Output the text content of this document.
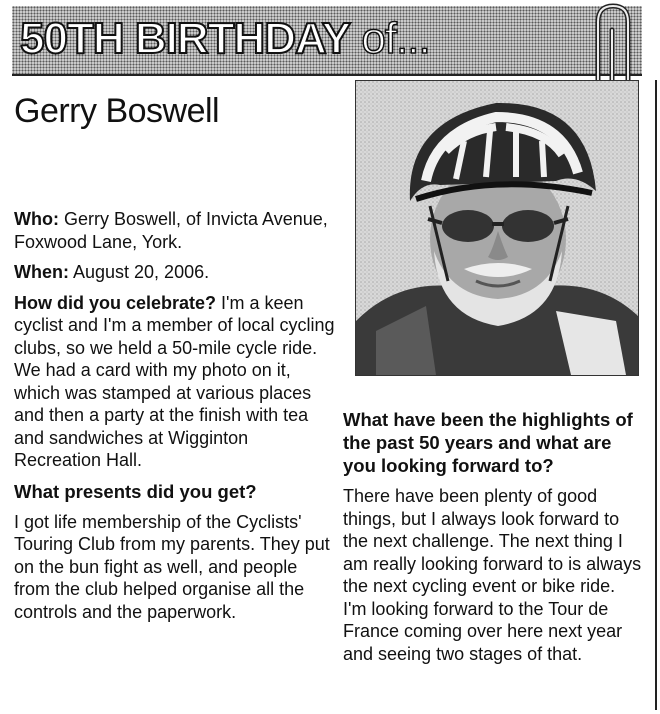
50TH BIRTHDAY of...
Gerry Boswell

Who: Gerry Boswell, of Invicta Avenue, Foxwood Lane, York.

When: August 20, 2006.

How did you celebrate? I'm a keen cyclist and I'm a member of local cycling clubs, so we held a 50-mile cycle ride. We had a card with my photo on it, which was stamped at various places and then a party at the finish with tea and sandwiches at Wigginton Recreation Hall.

What presents did you get?

I got life membership of the Cyclists' Touring Club from my parents. They put on the bun fight as well, and people from the club helped organise all the controls and the paperwork.

What have been the highlights of the past 50 years and what are you looking forward to?

There have been plenty of good things, but I always look forward to the next challenge. The next thing I am really looking forward to is always the next cycling event or bike ride. I'm looking forward to the Tour de France coming over here next year and seeing two stages of that.
